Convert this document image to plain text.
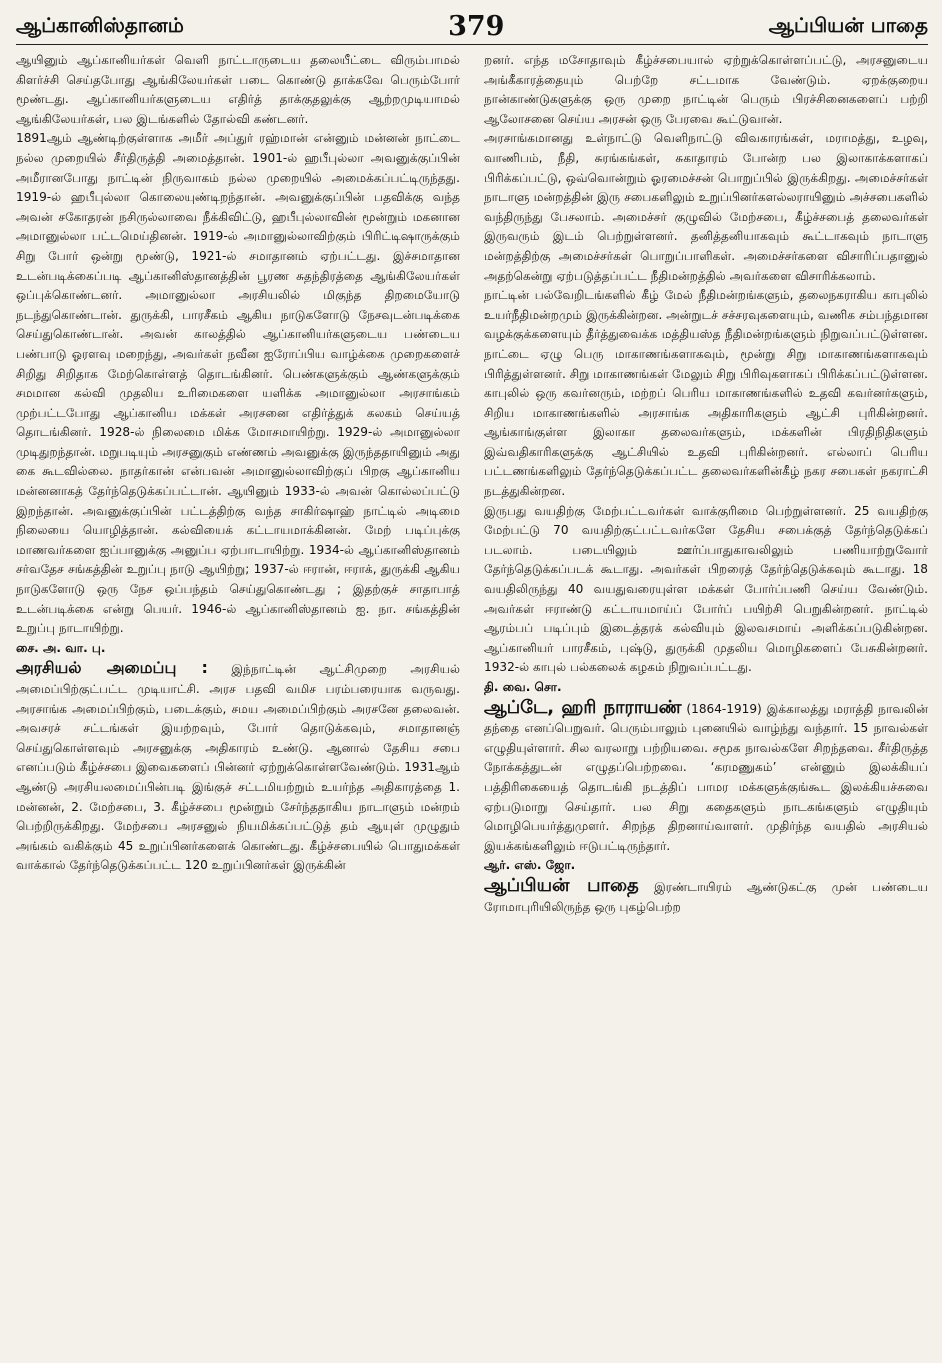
ஆப்கானிஸ்தானம்	379	ஆப்பியன் பாதை

ஆயினும் ஆப்கானியர்கள் வெளி நாட்டாருடைய தலையீட்டை விரும்பாமல் கிளர்ச்சி செய்தபோது ஆங்கிலேயர்கள் படை கொண்டு தாக்கவே பெரும்போர் மூண்டது. ஆப்கானியர்களுடைய எதிர்த் தாக்குதலுக்கு ஆற்றமுடியாமல் ஆங்கிலேயர்கள், பல இடங்களில் தோல்வி கண்டனர்.

1891ஆம் ஆண்டிற்குள்ளாக அமீர் அப்துர் ரஹ்மான் என்னும் மன்னன் நாட்டை நல்ல முறையில் சீர்திருத்தி அமைத்தான். 1901-ல் ஹபீபுல்லா அவனுக்குப்பின் அமீரானபோது நாட்டின் நிருவாகம் நல்ல முறையில் அமைக்கப்பட்டிருந்தது. 1919-ல் ஹபீபுல்லா கொலையுண்டிறந்தான். அவனுக்குப்பின் பதவிக்கு வந்த அவன் சகோதரன் நசிருல்லாவை நீக்கிவிட்டு, ஹபீபுல்லாவின் மூன்றும் மகனான அமானுல்லா பட்டமெய்தினன். 1919-ல் அமானுல்லாவிற்கும் பிரிட்டிஷாருக்கும் சிறு போர் ஒன்று மூண்டு, 1921-ல் சமாதானம் ஏற்பட்டது. இச்சமாதான உடன்படிக்கைப்படி ஆப்கானிஸ்தானத்தின் பூரண சுதந்திரத்தை ஆங்கிலேயர்கள் ஒப்புக்கொண்டனர். அமானுல்லா அரசியலில் மிகுந்த திறமையோடு நடந்துகொண்டான். துருக்கி, பாரசீகம் ஆகிய நாடுகளோடு நேசவுடன்படிக்கை செய்துகொண்டான். அவன் காலத்தில் ஆப்கானியர்களுடைய பண்டைய பண்பாடு ஓரளவு மறைந்து, அவர்கள் நவீன ஐரோப்பிய வாழ்க்கை முறைகளைச் சிறிது சிறிதாக மேற்கொள்ளத் தொடங்கினர். பெண்களுக்கும் ஆண்களுக்கும் சமமான கல்வி முதலிய உரிமைகளை யளிக்க அமானுல்லா அரசாங்கம் முற்பட்டபோது ஆப்கானிய மக்கள் அரசனை எதிர்த்துக் கலகம் செய்யத் தொடங்கினர். 1928-ல் நிலைமை மிக்க மோசமாயிற்று. 1929-ல் அமானுல்லா முடிதுறந்தான். மறுபடியும் அரசனுகும் எண்ணம் அவனுக்கு இருந்ததாயினும் அது கை கூடவில்லை. நாதர்கான் என்பவன் அமானுல்லாவிற்குப் பிறகு ஆப்கானிய மன்னனாகத் தேர்ந்தெடுக்கப்பட்டான். ஆயினும் 1933-ல் அவன் கொல்லப்பட்டு இறந்தான். அவனுக்குப்பின் பட்டத்திற்கு வந்த சாகிர்ஷாஹ் நாட்டில் அடிமை நிலையை யொழித்தான். கல்வியைக் கட்டாயமாக்கினன். மேற் படிப்புக்கு மாணவர்களை ஐப்பானுக்கு அனுப்ப ஏற்பாடாயிற்று. 1934-ல் ஆப்கானிஸ்தானம் சர்வதேச சங்கத்தின் உறுப்பு நாடு ஆயிற்று; 1937-ல் ஈரான், ஈராக், துருக்கி ஆகிய நாடுகளோடு ஒரு நேச ஒப்பந்தம் செய்துகொண்டது ; இதற்குச் சாதாபாத் உடன்படிக்கை என்று பெயர். 1946-ல் ஆப்கானிஸ்தானம் ஐ. நா. சங்கத்தின் உறுப்பு நாடாயிற்று.

சை. அ. வா. பு.

அரசியல் அமைப்பு : இந்நாட்டின் ஆட்சிமுறை அரசியல் அமைப்பிற்குட்பட்ட முடியாட்சி. அரச பதவி வமிச பரம்பரையாக வருவது. அரசாங்க அமைப்பிற்கும், படைக்கும், சமய அமைப்பிற்கும் அரசனே தலைவன். அவசரச் சட்டங்கள் இயற்றவும், போர் தொடுக்கவும், சமாதானஞ் செய்துகொள்ளவும் அரசனுக்கு அதிகாரம் உண்டு. ஆனால் தேசிய சபை எனப்படும் கீழ்ச்சபை இவைகளைப் பின்னர் ஏற்றுக்கொள்ளவேண்டும். 1931ஆம் ஆண்டு அரசியலமைப்பின்படி இங்குச் சட்டமியற்றும் உயர்ந்த அதிகாரத்தை 1. மன்னன், 2. மேற்சபை, 3. கீழ்ச்சபை மூன்றும் சேர்ந்ததாகிய நாடாளும் மன்றம் பெற்றிருக்கிறது. மேற்சபை அரசனுல் நியமிக்கப்பட்டுத் தம் ஆயுள் முழுதும் அங்கம் வகிக்கும் 45 உறுப்பினர்களைக் கொண்டது. கீழ்ச்சபையில் பொதுமக்கள் வாக்கால் தேர்ந்தெடுக்கப்பட்ட 120 உறுப்பினர்கள் இருக்கின்

றனர். எந்த மசோதாவும் கீழ்ச்சபையால் ஏற்றுக்கொள்ளப்பட்டு, அரசனுடைய அங்கீகாரத்தையும் பெற்றே சட்டமாக வேண்டும். ஏறக்குறைய நான்காண்டுகளுக்கு ஒரு முறை நாட்டின் பெரும் பிரச்சினைகளைப் பற்றி ஆலோசனை செய்ய அரசன் ஒரு பேரவை கூட்டுவான்.

அரசாங்கமானது உள்நாட்டு வெளிநாட்டு விவகாரங்கள், மராமத்து, உழவு, வாணிபம், நீதி, சுரங்கங்கள், சுகாதாரம் போன்ற பல இலாகாக்களாகப் பிரிக்கப்பட்டு, ஒவ்வொன்றும் ஓரமைச்சன் பொறுப்பில் இருக்கிறது. அமைச்சர்கள் நாடாளு மன்றத்தின் இரு சபைகளிலும் உறுப்பினர்களல்லராயினும் அச்சபைகளில் வந்திருந்து பேசலாம். அமைச்சர் குழுவில் மேற்சபை, கீழ்ச்சபைத் தலைவர்கள் இருவரும் இடம் பெற்றுள்ளனர். தனித்தனியாகவும் கூட்டாகவும் நாடாளு மன்றத்திற்கு அமைச்சர்கள் பொறுப்பாளிகள். அமைச்சர்களை விசாரிப்பதானுல் அதற்கென்று ஏற்படுத்தப்பட்ட நீதிமன்றத்தில் அவர்களை விசாரிக்கலாம்.

நாட்டின் பல்வேறிடங்களில் கீழ் மேல் நீதிமன்றங்களும், தலைநகராகிய காபுலில் உயர்நீதிமன்றமும் இருக்கின்றன. அன்றுடச் சச்சரவுகளையும், வணிக சம்பந்தமான வழக்குக்களையும் தீர்த்துவைக்க மத்தியஸ்த நீதிமன்றங்களும் நிறுவப்பட்டுள்ளன. நாட்டை ஏழு பெரு மாகாணங்களாகவும், மூன்று சிறு மாகாணங்களாகவும் பிரித்துள்ளனர். சிறு மாகாணங்கள் மேலும் சிறு பிரிவுகளாகப் பிரிக்கப்பட்டுள்ளன. காபுலில் ஒரு கவர்னரும், மற்றப் பெரிய மாகாணங்களில் உதவி கவர்னர்களும், சிறிய மாகாணங்களில் அரசாங்க அதிகாரிகளும் ஆட்சி புரிகின்றனர். ஆங்காங்குள்ள இலாகா தலைவர்களும், மக்களின் பிரதிநிதிகளும் இவ்வதிகாரிகளுக்கு ஆட்சியில் உதவி புரிகின்றனர். எல்லாப் பெரிய பட்டணங்களிலும் தேர்ந்தெடுக்கப்பட்ட தலைவர்களின்கீழ் நகர சபைகள் நகராட்சி நடத்துகின்றன.

இருபது வயதிற்கு மேற்பட்டவர்கள் வாக்குரிமை பெற்றுள்ளனர். 25 வயதிற்கு மேற்பட்டு 70 வயதிற்குட்பட்டவர்களே தேசிய சபைக்குத் தேர்ந்தெடுக்கப் படலாம். படையிலும் ஊர்ப்பாதுகாவலிலும் பணியாற்றுவோர் தேர்ந்தெடுக்கப்படக் கூடாது. அவர்கள் பிறரைத் தேர்ந்தெடுக்கவும் கூடாது. 18 வயதிலிருந்து 40 வயதுவரையுள்ள மக்கள் போர்ப்பணி செய்ய வேண்டும். அவர்கள் ஈராண்டு கட்டாயமாய்ப் போர்ப் பயிற்சி பெறுகின்றனர். நாட்டில் ஆரம்பப் படிப்பும் இடைத்தரக் கல்வியும் இலவசமாய் அளிக்கப்படுகின்றன. ஆப்கானியர் பாரசீகம், புஷ்டு, துருக்கி முதலிய மொழிகளைப் பேசுகின்றனர். 1932-ல் காபுல் பல்கலைக் கழகம் நிறுவப்பட்டது.

தி. வை. சொ.

ஆப்டே, ஹரி நாராயண் (1864-1919) இக்காலத்து மராத்தி நாவலின் தந்தை எனப்பெறுவர். பெரும்பாலும் புனையில் வாழ்ந்து வந்தார். 15 நாவல்கள் எழுதியுள்ளார். சில வரலாறு பற்றியவை. சமூக நாவல்களே சிறந்தவை. சீர்திருத்த நோக்கத்துடன் எழுதப்பெற்றவை. ‘கரமணுகம்’ என்னும் இலக்கியப் பத்திரிகையைத் தொடங்கி நடத்திப் பாமர மக்களுக்குங்கூட இலக்கியச்சுவை ஏற்படுமாறு செய்தார். பல சிறு கதைகளும் நாடகங்களும் எழுதியும் மொழிபெயர்த்துமுளர். சிறந்த திறனாய்வாளர். முதிர்ந்த வயதில் அரசியல் இயக்கங்களிலும் ஈடுபட்டிருந்தார்.

ஆர். எஸ். ஜோ.

ஆப்பியன் பாதை இரண்டாயிரம் ஆண்டுகட்கு முன் பண்டைய ரோமாபுரியிலிருந்த ஒரு புகழ்பெற்ற
